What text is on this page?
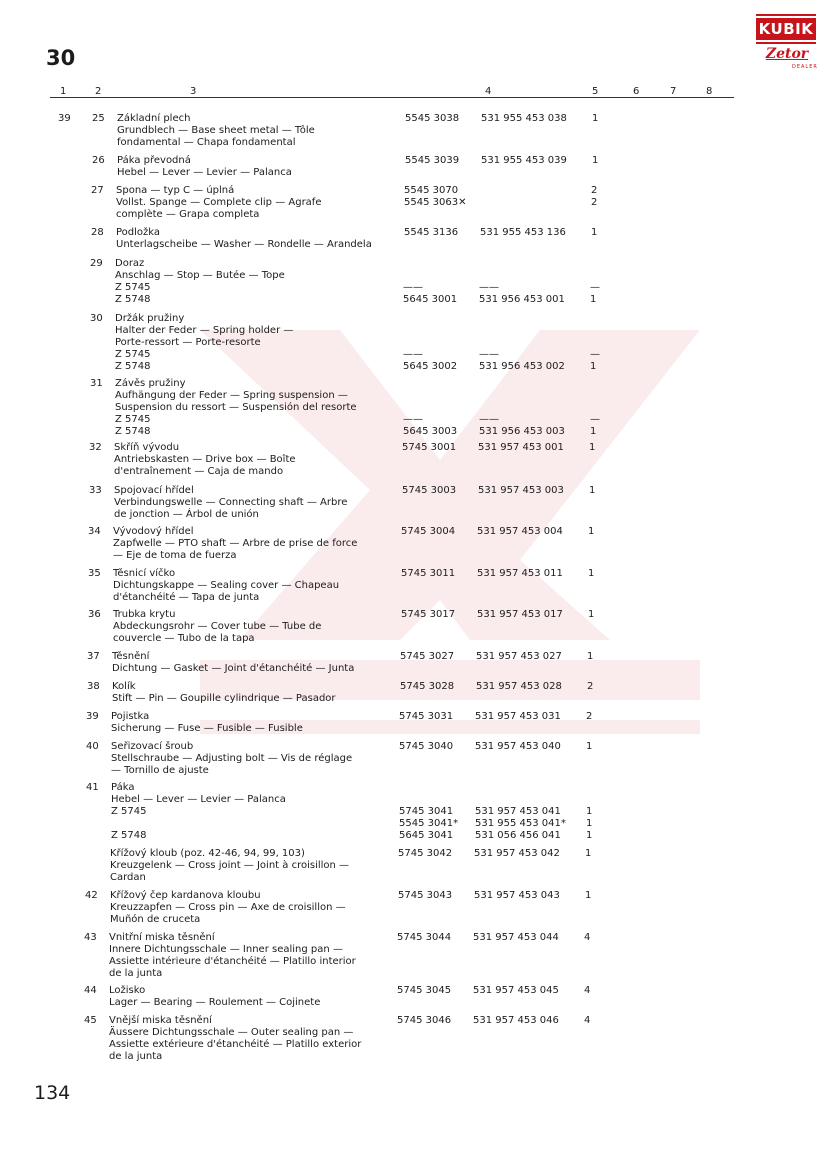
30
KUBIK
Zetor
DEALER
1	2	3	4	5	6	7	8
39 25 Základní plech
Grundblech — Base sheet metal — Tôle
fondamental — Chapa fondamental
5545 3038 531 955 453 038	1
26 Páka převodná
Hebel — Lever — Levier — Palanca
5545 3039 531 955 453 039	1
27 Spona — typ C — úplná
Vollst. Spange — Complete clip — Agrafe
complète — Grapa completa
5545 3070	2
5545 3063✕	2
28 Podložka
Unterlagscheibe — Washer — Rondelle — Arandela
5545 3136 531 955 453 136	1
29 Doraz
Anschlag — Stop — Butée — Tope
Z 5745
Z 5748
——	——	—
5645 3001 531 956 453 001	1
30 Držák pružiny
Halter der Feder — Spring holder —
Porte-ressort — Porte-resorte
Z 5745
Z 5748
——	——	—
5645 3002 531 956 453 002	1
31 Závěs pružiny
Aufhängung der Feder — Spring suspension —
Suspension du ressort — Suspensión del resorte
Z 5745
Z 5748
——	——	—
5645 3003 531 956 453 003	1
32 Skříň vývodu
Antriebskasten — Drive box — Boîte
d'entraînement — Caja de mando
5745 3001 531 957 453 001	1
33 Spojovací hřídel
Verbindungswelle — Connecting shaft — Arbre
de jonction — Árbol de unión
5745 3003 531 957 453 003	1
34 Vývodový hřídel
Zapfwelle — PTO shaft — Arbre de prise de force
— Eje de toma de fuerza
5745 3004 531 957 453 004	1
35 Těsnicí víčko
Dichtungskappe — Sealing cover — Chapeau
d'étanchéité — Tapa de junta
5745 3011 531 957 453 011	1
36 Trubka krytu
Abdeckungsrohr — Cover tube — Tube de
couvercle — Tubo de la tapa
5745 3017 531 957 453 017	1
37 Těsnění
Dichtung — Gasket — Joint d'étanchéité — Junta
5745 3027 531 957 453 027	1
38 Kolík
Stift — Pin — Goupille cylindrique — Pasador
5745 3028 531 957 453 028	2
39 Pojistka
Sicherung — Fuse — Fusible — Fusible
5745 3031 531 957 453 031	2
40 Seřizovací šroub
Stellschraube — Adjusting bolt — Vis de réglage
— Tornillo de ajuste
5745 3040 531 957 453 040	1
41 Páka
Hebel — Lever — Levier — Palanca
Z 5745
Z 5748
5745 3041 531 957 453 041	1
5545 3041* 531 955 453 041* 1
5645 3041 531 056 456 041	1
Křížový kloub (poz. 42-46, 94, 99, 103)
Kreuzgelenk — Cross joint — Joint à croisillon —
Cardan
5745 3042 531 957 453 042	1
42 Křížový čep kardanova kloubu
Kreuzzapfen — Cross pin — Axe de croisillon —
Muñón de cruceta
5745 3043 531 957 453 043	1
43 Vnitřní miska těsnění
Innere Dichtungsschale — Inner sealing pan —
Assiette intérieure d'étanchéité — Platillo interior
de la junta
5745 3044 531 957 453 044	4
44 Ložisko
Lager — Bearing — Roulement — Cojinete
5745 3045 531 957 453 045	4
45 Vnější miska těsnění
Äussere Dichtungsschale — Outer sealing pan —
Assiette extérieure d'étanchéité — Platillo exterior
de la junta
5745 3046 531 957 453 046	4
134
